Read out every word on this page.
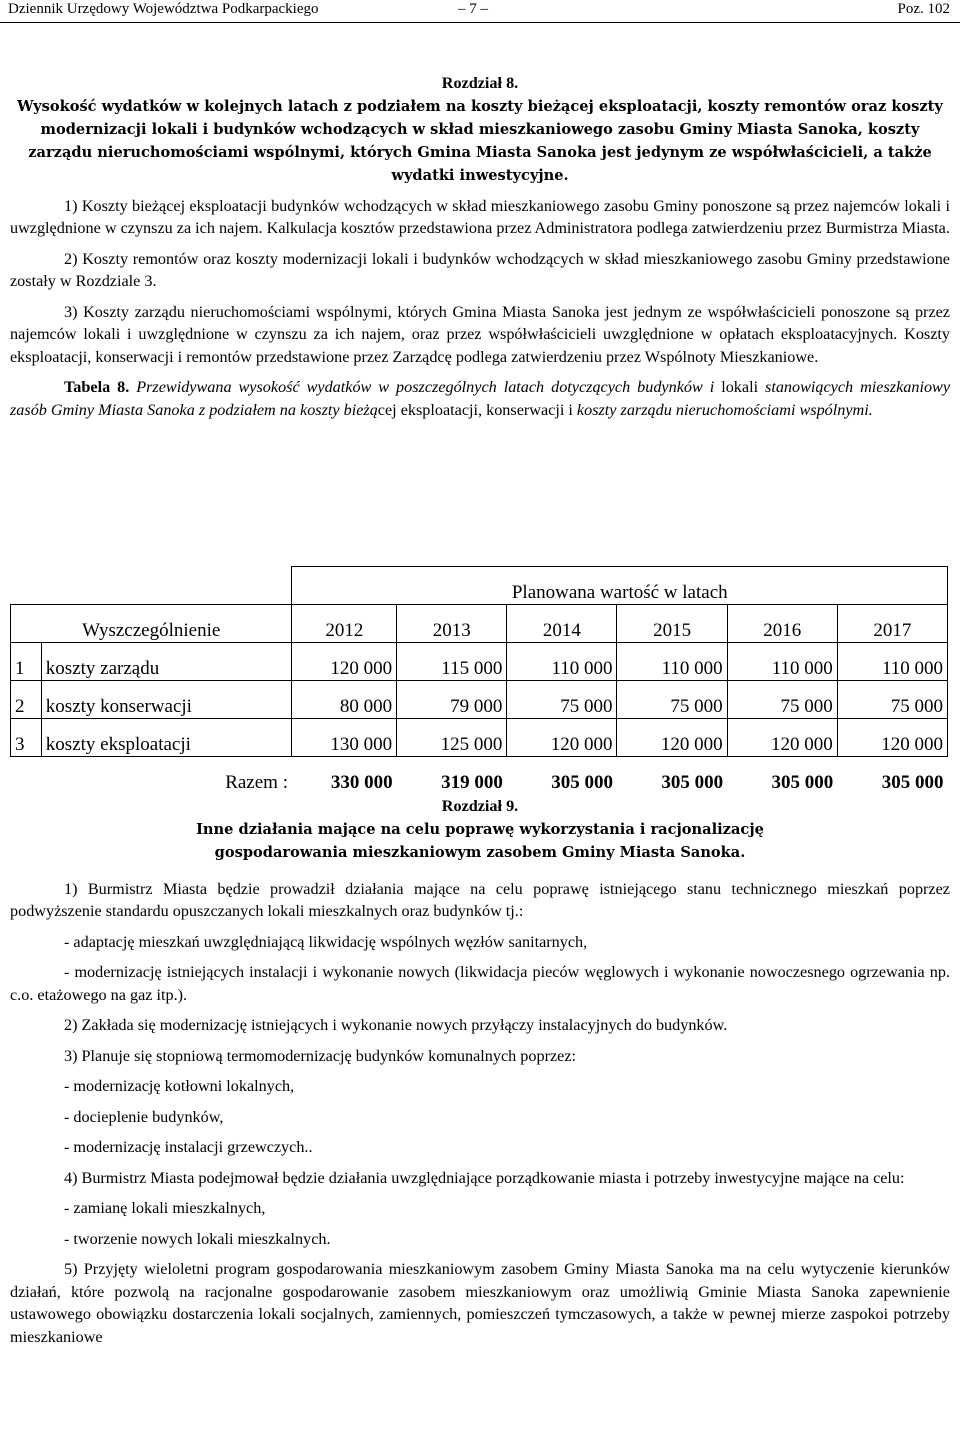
Dziennik Urzędowy Województwa Podkarpackiego	– 7 –	Poz. 102
Rozdział 8.
Wysokość wydatków w kolejnych latach z podziałem na koszty bieżącej eksploatacji, koszty remontów oraz koszty modernizacji lokali i budynków wchodzących w skład mieszkaniowego zasobu Gminy Miasta Sanoka, koszty zarządu nieruchomościami wspólnymi, których Gmina Miasta Sanoka jest jedynym ze współwłaścicieli, a także wydatki inwestycyjne.

1) Koszty bieżącej eksploatacji budynków wchodzących w skład mieszkaniowego zasobu Gminy ponoszone są przez najemców lokali i uwzględnione w czynszu za ich najem. Kalkulacja kosztów przedstawiona przez Administratora podlega zatwierdzeniu przez Burmistrza Miasta.

2) Koszty remontów oraz koszty modernizacji lokali i budynków wchodzących w skład mieszkaniowego zasobu Gminy przedstawione zostały w Rozdziale 3.

3) Koszty zarządu nieruchomościami wspólnymi, których Gmina Miasta Sanoka jest jednym ze współwłaścicieli ponoszone są przez najemców lokali i uwzględnione w czynszu za ich najem, oraz przez współwłaścicieli uwzględnione w opłatach eksploatacyjnych. Koszty eksploatacji, konserwacji i remontów przedstawione przez Zarządcę podlega zatwierdzeniu przez Wspólnoty Mieszkaniowe.

Tabela 8. Przewidywana wysokość wydatków w poszczególnych latach dotyczących budynków i lokali stanowiących mieszkaniowy zasób Gminy Miasta Sanoka z podziałem na koszty bieżącej eksploatacji, konserwacji i koszty zarządu nieruchomościami wspólnymi.

		Planowana wartość w latach					
Wyszczególnienie		2012	2013	2014	2015	2016	2017
1	koszty zarządu	120 000	115 000	110 000	110 000	110 000	110 000
2	koszty konserwacji	80 000	79 000	75 000	75 000	75 000	75 000
3	koszty eksploatacji	130 000	125 000	120 000	120 000	120 000	120 000
Razem :		330 000	319 000	305 000	305 000	305 000	305 000
Rozdział 9.
Inne działania mające na celu poprawę wykorzystania i racjonalizację
gospodarowania mieszkaniowym zasobem Gminy Miasta Sanoka.

1) Burmistrz Miasta będzie prowadził działania mające na celu poprawę istniejącego stanu technicznego mieszkań poprzez podwyższenie standardu opuszczanych lokali mieszkalnych oraz budynków tj.:

- adaptację mieszkań uwzględniającą likwidację wspólnych węzłów sanitarnych,

- modernizację istniejących instalacji i wykonanie nowych (likwidacja pieców węglowych i wykonanie nowoczesnego ogrzewania np. c.o. etażowego na gaz itp.).

2) Zakłada się modernizację istniejących i wykonanie nowych przyłączy instalacyjnych do budynków.

3) Planuje się stopniową termomodernizację budynków komunalnych poprzez:

- modernizację kotłowni lokalnych,

- docieplenie budynków,

- modernizację instalacji grzewczych..

4) Burmistrz Miasta podejmował będzie działania uwzględniające porządkowanie miasta i potrzeby inwestycyjne mające na celu:

- zamianę lokali mieszkalnych,

- tworzenie nowych lokali mieszkalnych.

5) Przyjęty wieloletni program gospodarowania mieszkaniowym zasobem Gminy Miasta Sanoka ma na celu wytyczenie kierunków działań, które pozwolą na racjonalne gospodarowanie zasobem mieszkaniowym oraz umożliwią Gminie Miasta Sanoka zapewnienie ustawowego obowiązku dostarczenia lokali socjalnych, zamiennych, pomieszczeń tymczasowych, a także w pewnej mierze zaspokoi potrzeby mieszkaniowe
